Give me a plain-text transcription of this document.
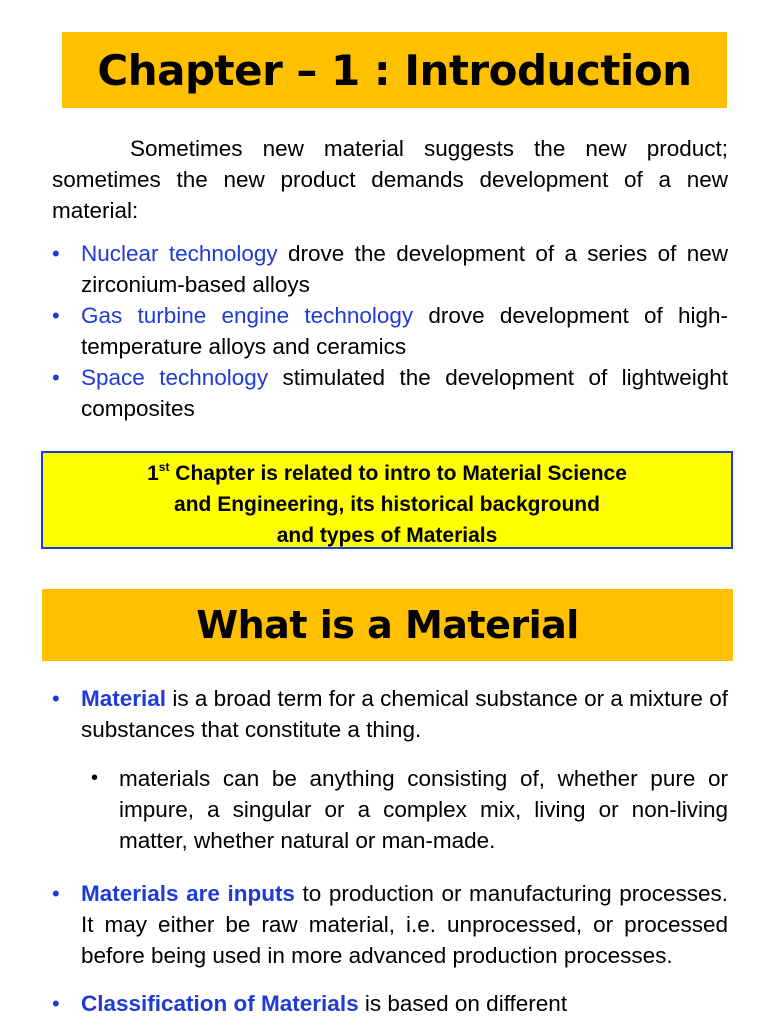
Chapter – 1 : Introduction

Sometimes new material suggests the new product; sometimes the new product demands development of a new material:

• Nuclear technology drove the development of a series of new zirconium-based alloys
• Gas turbine engine technology drove development of high-temperature alloys and ceramics
• Space technology stimulated the development of lightweight composites
1st Chapter is related to intro to Material Science
and Engineering, its historical background
and types of Materials
What is a Material
• Material is a broad term for a chemical substance or a mixture of substances that constitute a thing.
• materials can be anything consisting of, whether pure or impure, a singular or a complex mix, living or non-living matter, whether natural or man-made.
• Materials are inputs to production or manufacturing processes. It may either be raw material, i.e. unprocessed, or processed before being used in more advanced production processes.
• Classification of Materials is based on different
